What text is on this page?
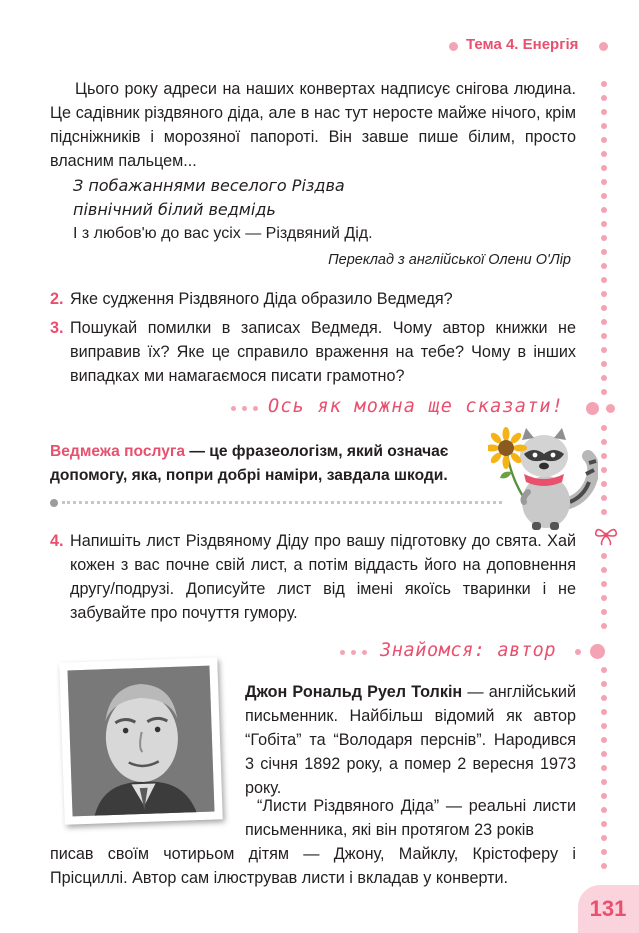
Тема 4. Енергія
Цього року адреси на наших конвертах надписує снігова людина. Це садівник різдвяного діда, але в нас тут нeросте майже нічого, крім підсніжників і морозяної папороті. Він завше пише білим, просто власним пальцем...
З побажаннями веселого Рiздва
північний білий ведмідь
І з любов'ю до вас усіх — Різдвяний Дід.
Переклад з англійської Олени О'Лір
2. Яке судження Різдвяного Діда образило Ведмедя?
3. Пошукай помилки в записах Ведмедя. Чому автор книжки не виправив їх? Яке це справило враження на тебе? Чому в інших випадках ми намагаємося писати грамотно?
Ось як можна ще сказати!
Ведмежа послуга — це фразеологізм, який означає допомогу, яка, попри добрі наміри, завдала шкоди.
4. Напишіть лист Різдвяному Діду про вашу підготовку до свята. Хай кожен з вас почне свій лист, а потім віддасть його на доповнення другу/подрузі. Дописуйте лист від імені якоїсь тваринки і не забувайте про почуття гумору.
Знайомся: автор
Джон Рональд Руел Толкін — англійський письменник. Найбільш відомий як автор “Гобіта” та “Володаря перснів”. Народився 3 січня 1892 року, а помер 2 вересня 1973 року.
“Листи Різдвяного Діда” — реальні листи письменника, які він протягом 23 років
131
писав своїм чотирьом дітям — Джону, Майклу, Крістоферу і Прісциллі. Автор сам ілюстрував листи і вкладав у конверти.
